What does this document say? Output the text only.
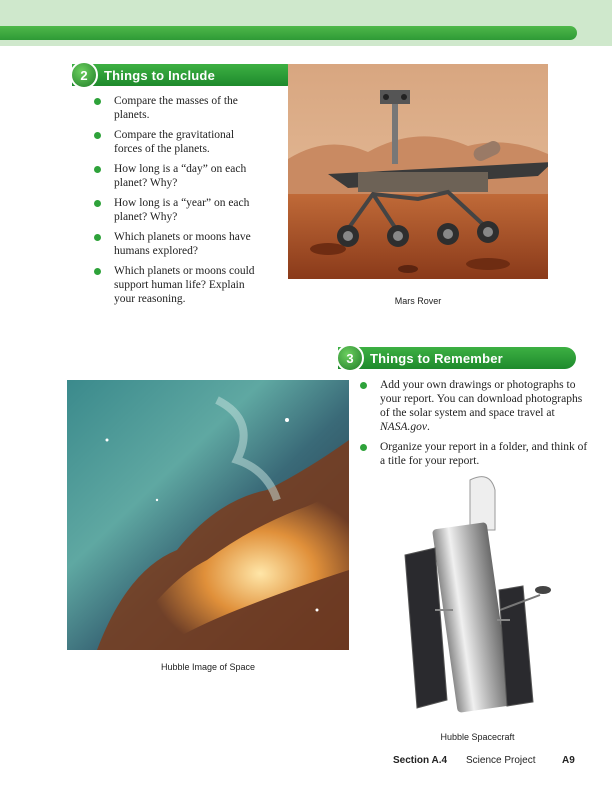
2	Things to Include
Compare the masses of the planets.
Compare the gravitational forces of the planets.
How long is a “day” on each planet? Why?
How long is a “year” on each planet? Why?
Which planets or moons have humans explored?
Which planets or moons could support human life? Explain your reasoning.	Mars Rover
3	Things to Remember
Add your own drawings or photographs to your report. You can download photographs of the solar system and space travel at NASA.gov.
Organize your report in a folder, and think of a title for your report.
Hubble Image of Space
Hubble Spacecraft
Section A.4 Science Project	A9
